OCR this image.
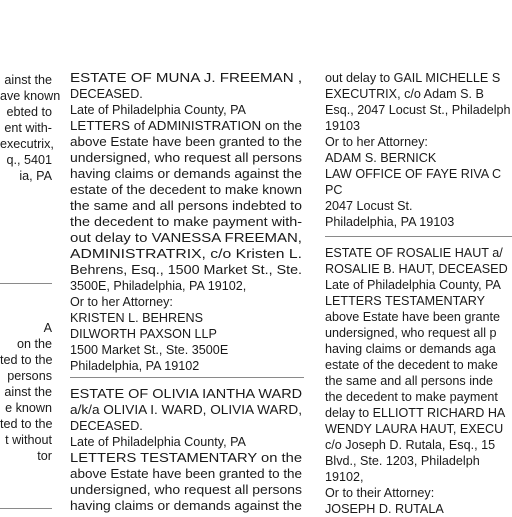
ainst the
ave known
ebted to
ent with-
executrix,
q., 5401
ia, PA
A
on the
ted to the
persons
ainst the
e known
ted to the
t without
tor
ESTATE OF MUNA J. FREEMAN ,
DECEASED.
Late of Philadelphia County, PA
LETTERS of ADMINISTRATION on the
above Estate have been granted to the
undersigned, who request all persons
having claims or demands against the
estate of the decedent to make known
the same and all persons indebted to
the decedent to make payment with-
out delay to VANESSA FREEMAN,
ADMINISTRATRIX, c/o Kristen L.
Behrens, Esq., 1500 Market St., Ste.
3500E, Philadelphia, PA 19102,
Or to her Attorney:
KRISTEN L. BEHRENS
DILWORTH PAXSON LLP
1500 Market St., Ste. 3500E
Philadelphia, PA 19102
ESTATE OF OLIVIA IANTHA WARD
a/k/a OLIVIA I. WARD, OLIVIA WARD,
DECEASED.
Late of Philadelphia County, PA
LETTERS TESTAMENTARY on the
above Estate have been granted to the
undersigned, who request all persons
having claims or demands against the
out delay to GAIL MICHELLE S
EXECUTRIX, c/o Adam S. B
Esq., 2047 Locust St., Philadelph
19103
Or to her Attorney:
ADAM S. BERNICK
LAW OFFICE OF FAYE RIVA C
PC
2047 Locust St.
Philadelphia, PA 19103
ESTATE OF ROSALIE HAUT a/
ROSALIE B. HAUT, DECEASED
Late of Philadelphia County, PA
LETTERS TESTAMENTARY
above Estate have been grante
undersigned, who request all p
having claims or demands aga
estate of the decedent to make
the same and all persons inde
the decedent to make payment
delay to ELLIOTT RICHARD HA
WENDY LAURA HAUT, EXECU
c/o Joseph D. Rutala, Esq., 15
Blvd., Ste. 1203, Philadelph
19102,
Or to their Attorney:
JOSEPH D. RUTALA
